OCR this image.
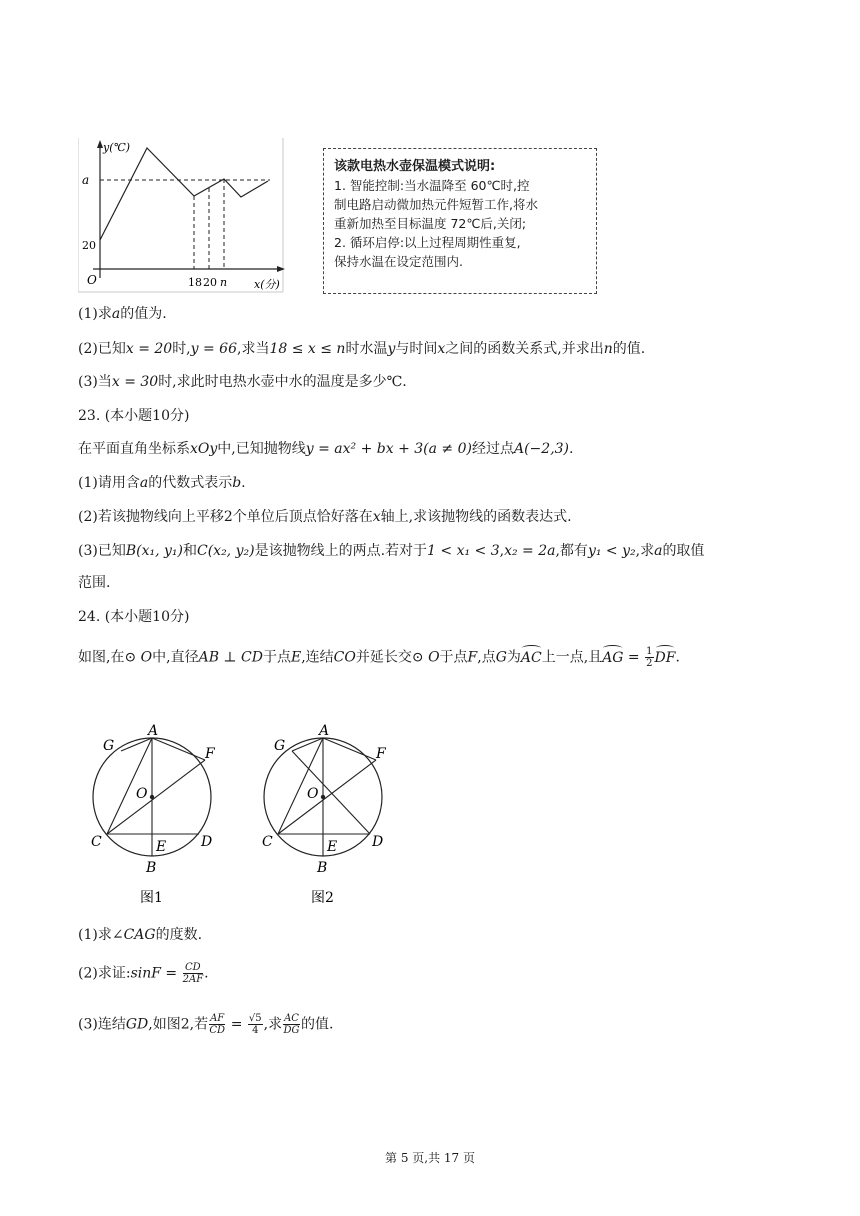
y(℃)
a
20
O	18 20 n x(分)
该款电热水壶保温模式说明:
1. 智能控制:当水温降至 60℃时,控
制电路启动微加热元件短暂工作,将水
重新加热至目标温度 72℃后,关闭;
2. 循环启停:以上过程周期性重复,
保持水温在设定范围内.
(1)求a的值为.
(2)已知x = 20时,y = 66,求当18 ≤ x ≤ n时水温y与时间x之间的函数关系式,并求出n的值.
(3)当x = 30时,求此时电热水壶中水的温度是多少℃.
23. (本小题10分)
在平面直角坐标系xOy中,已知抛物线y = ax² + bx + 3(a ≠ 0)经过点A(−2,3).
(1)请用含a的代数式表示b.
(2)若该抛物线向上平移2个单位后顶点恰好落在x轴上,求该抛物线的函数表达式.
(3)已知B(x₁, y₁)和C(x₂, y₂)是该抛物线上的两点.若对于1 < x₁ < 3,x₂ = 2a,都有y₁ < y₂,求a的取值
范围.
24. (本小题10分)
如图,在⊙ O中,直径AB ⊥ CD于点E,连结CO并延长交⊙ O于点F,点G为AC上一点,且AG = $\frac{1}{2}$ DF.
A
G	F
O
C	D
E
B
图1
A
G	F
O
C	D
E
B
图2
(1)求∠CAG的度数.
(2)求证:sinF = $\frac{CD}{2AF}$ .
(3)连结GD,如图2,若 $\frac{AF}{CD} = \frac{√5}{4}$ ,求 $\frac{AC}{DG}$ 的值.
第 5 页,共 17 页
